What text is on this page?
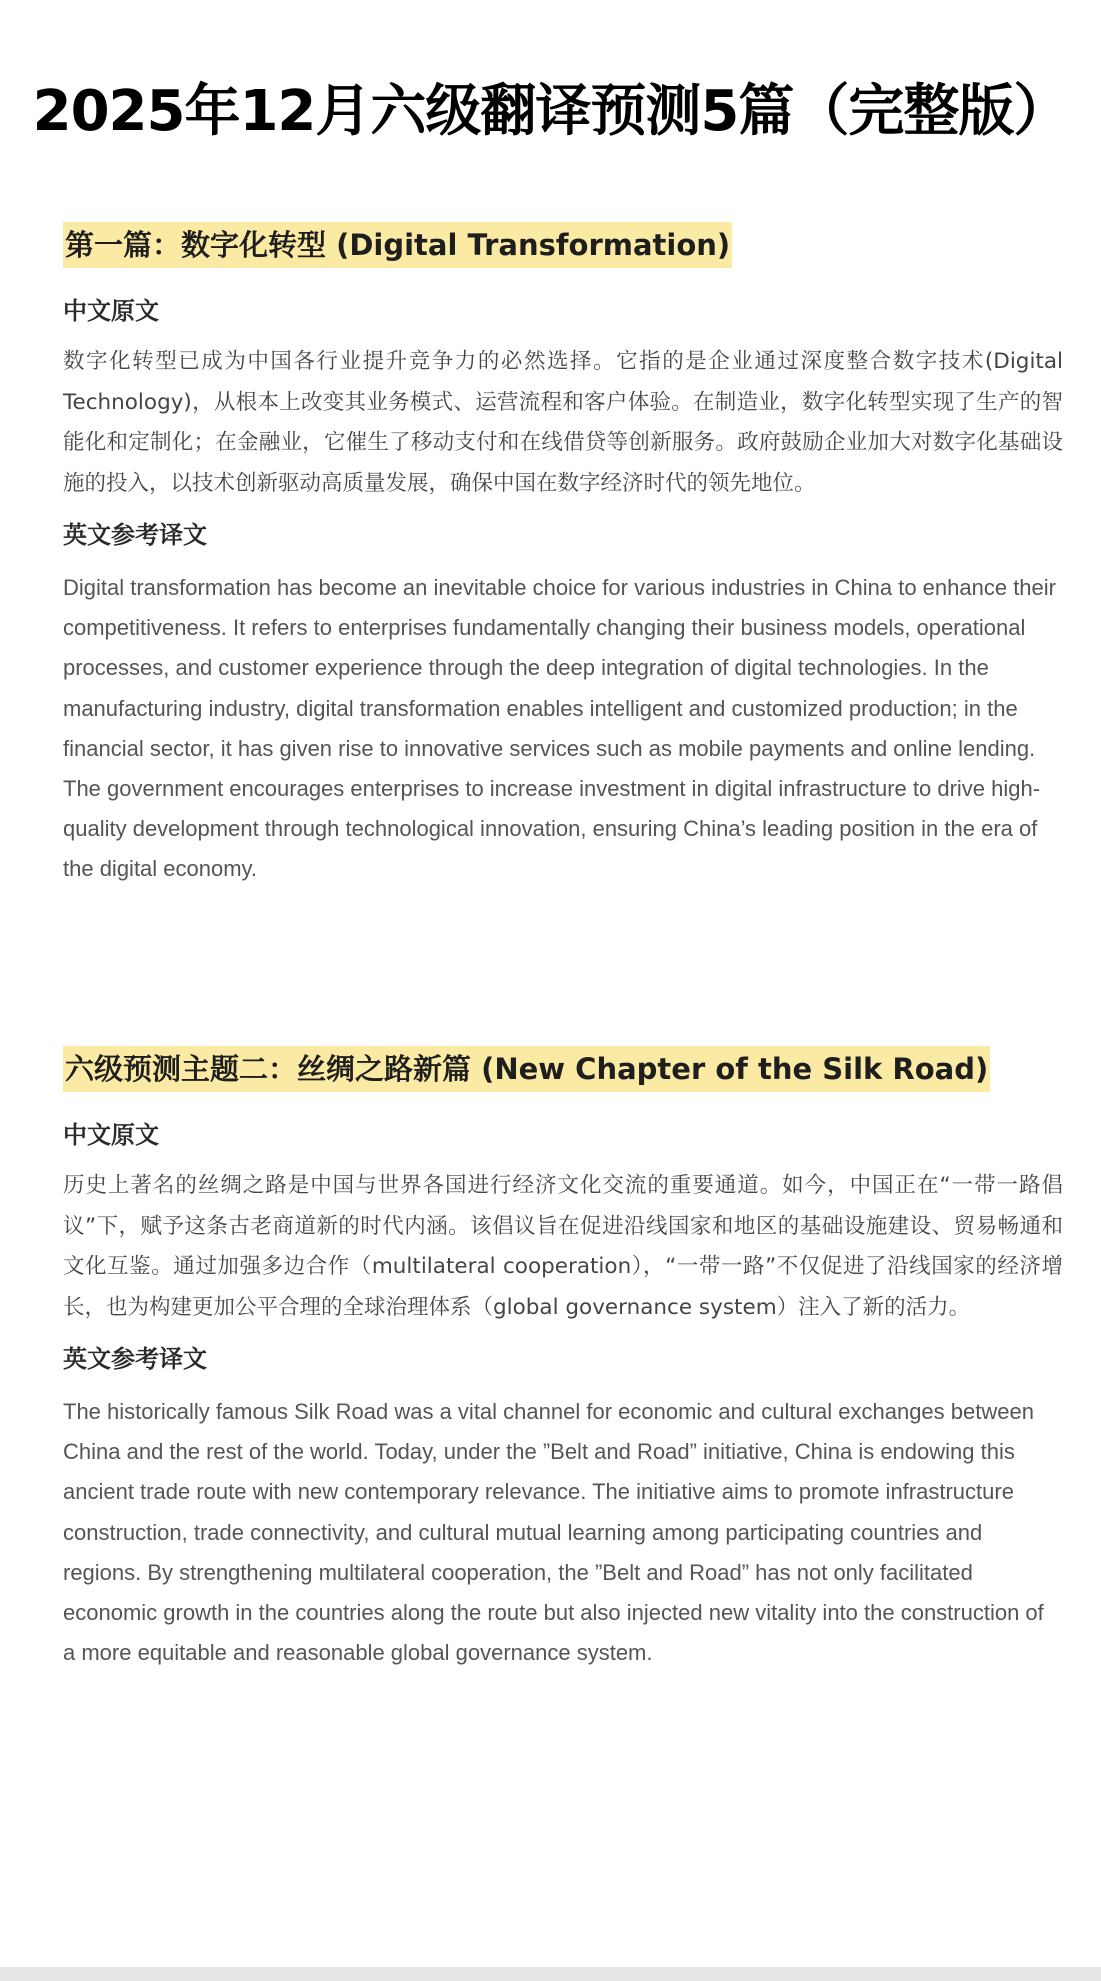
2025年12月六级翻译预测5篇（完整版）
第一篇：数字化转型 (Digital Transformation)
中文原文

数字化转型已成为中国各行业提升竞争力的必然选择。它指的是企业通过深度整合数字技术(Digital Technology)，从根本上改变其业务模式、运营流程和客户体验。在制造业，数字化转型实现了生产的智能化和定制化；在金融业，它催生了移动支付和在线借贷等创新服务。政府鼓励企业加大对数字化基础设施的投入，以技术创新驱动高质量发展，确保中国在数字经济时代的领先地位。

英文参考译文

Digital transformation has become an inevitable choice for various industries in China to enhance their competitiveness. It refers to enterprises fundamentally changing their business models, operational processes, and customer experience through the deep integration of digital technologies. In the manufacturing industry, digital transformation enables intelligent and customized production; in the financial sector, it has given rise to innovative services such as mobile payments and online lending. The government encourages enterprises to increase investment in digital infrastructure to drive high-quality development through technological innovation, ensuring China’s leading position in the era of the digital economy.

六级预测主题二：丝绸之路新篇 (New Chapter of the Silk Road)
中文原文

历史上著名的丝绸之路是中国与世界各国进行经济文化交流的重要通道。如今，中国正在“一带一路倡议”下，赋予这条古老商道新的时代内涵。该倡议旨在促进沿线国家和地区的基础设施建设、贸易畅通和文化互鉴。通过加强多边合作（multilateral cooperation），“一带一路”不仅促进了沿线国家的经济增长，也为构建更加公平合理的全球治理体系（global governance system）注入了新的活力。

英文参考译文

The historically famous Silk Road was a vital channel for economic and cultural exchanges between China and the rest of the world. Today, under the ”Belt and Road” initiative, China is endowing this ancient trade route with new contemporary relevance. The initiative aims to promote infrastructure construction, trade connectivity, and cultural mutual learning among participating countries and regions. By strengthening multilateral cooperation, the ”Belt and Road” has not only facilitated economic growth in the countries along the route but also injected new vitality into the construction of a more equitable and reasonable global governance system.
